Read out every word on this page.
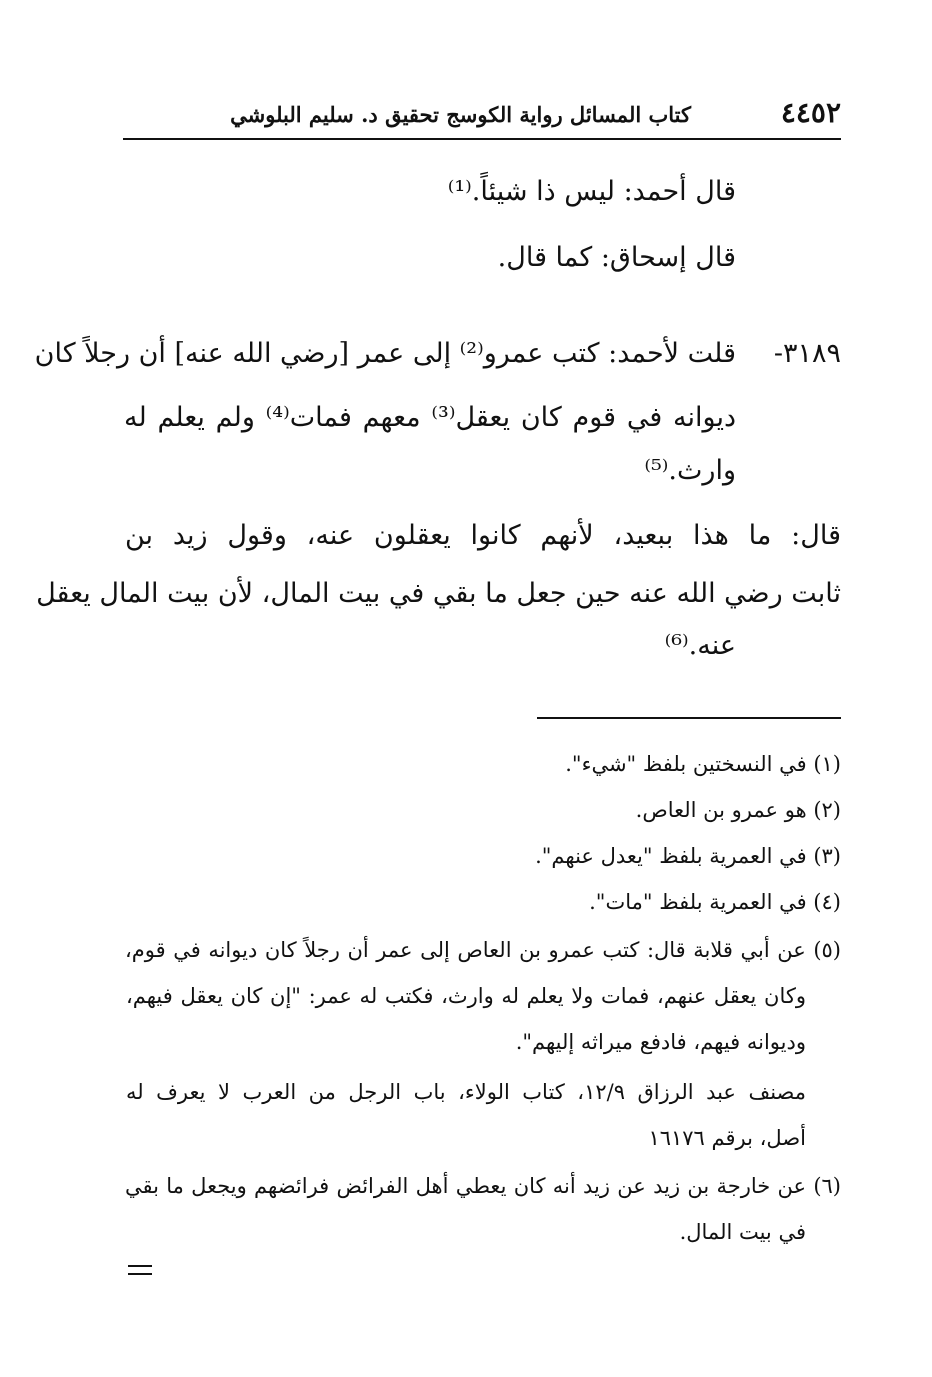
٤٤٥٢
كتاب المسائل رواية الكوسج تحقيق د. سليم البلوشي
قال أحمد: ليس ذا شيئاً.⁽¹⁾
قال إسحاق: كما قال.
٣١٨٩-
قلت لأحمد: كتب عمرو⁽²⁾ إلى عمر [رضي الله عنه] أن رجلاً كان
ديوانه في قوم كان يعقل⁽³⁾ معهم فمات⁽⁴⁾ ولم يعلم له
وارث.⁽⁵⁾
قال: ما هذا ببعيد، لأنهم كانوا يعقلون عنه، وقول زيد بن
ثابت رضي الله عنه حين جعل ما بقي في بيت المال، لأن بيت المال يعقل
عنه.⁽⁶⁾
(١) في النسختين بلفظ "شيء".
(٢) هو عمرو بن العاص.
(٣) في العمرية بلفظ "يعدل عنهم".
(٤) في العمرية بلفظ "مات".
(٥) عن أبي قلابة قال: كتب عمرو بن العاص إلى عمر أن رجلاً كان ديوانه في قوم،
وكان يعقل عنهم، فمات ولا يعلم له وارث، فكتب له عمر: "إن كان يعقل فيهم،
وديوانه فيهم، فادفع ميراثه إليهم".
مصنف عبد الرزاق ١٢/٩، كتاب الولاء، باب الرجل من العرب لا يعرف له
أصل، برقم ١٦١٧٦
(٦) عن خارجة بن زيد عن زيد أنه كان يعطي أهل الفرائض فرائضهم ويجعل ما بقي
في بيت المال.
